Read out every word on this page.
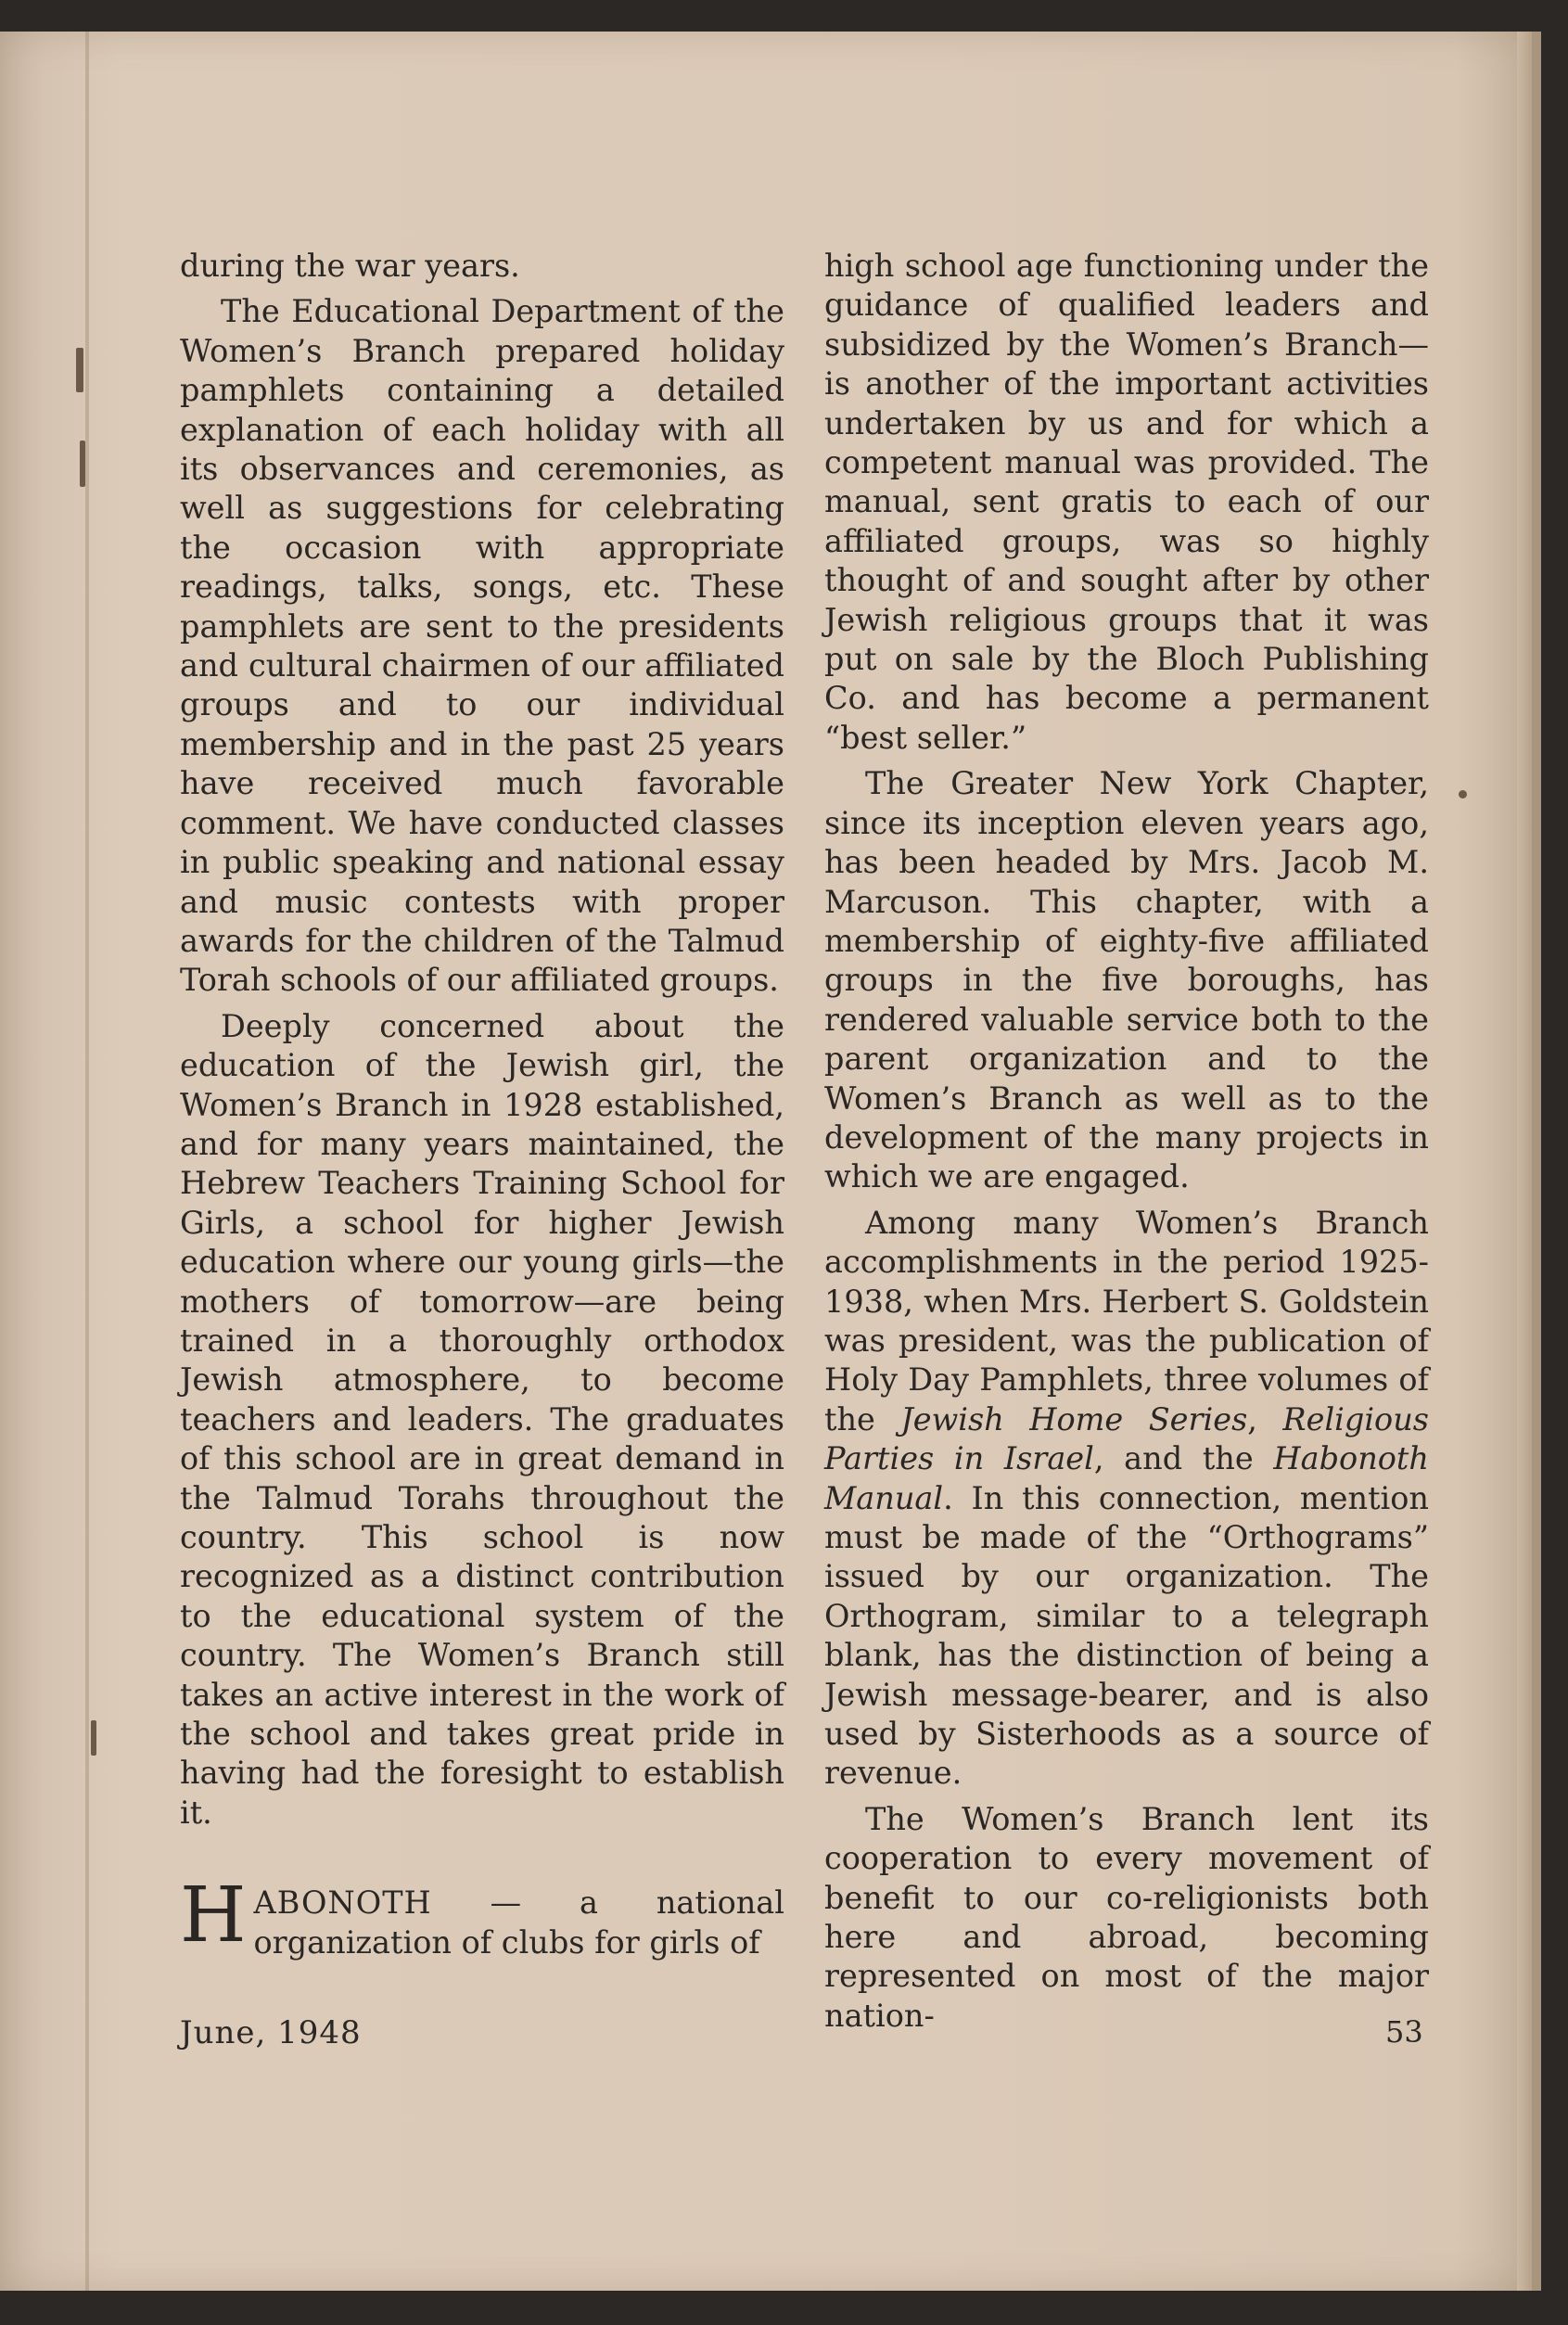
during the war years.

The Educational Department of the Women’s Branch prepared holiday pamphlets containing a detailed explanation of each holiday with all its observances and ceremonies, as well as suggestions for celebrating the occasion with appropriate readings, talks, songs, etc. These pamphlets are sent to the presidents and cultural chairmen of our affiliated groups and to our individual membership and in the past 25 years have received much favorable comment. We have conducted classes in public speaking and national essay and music contests with proper awards for the children of the Talmud Torah schools of our affiliated groups.

Deeply concerned about the education of the Jewish girl, the Women’s Branch in 1928 established, and for many years maintained, the Hebrew Teachers Training School for Girls, a school for higher Jewish education where our young girls—the mothers of tomorrow—are being trained in a thoroughly orthodox Jewish atmosphere, to become teachers and leaders. The graduates of this school are in great demand in the Talmud Torahs throughout the country. This school is now recognized as a distinct contribution to the educational system of the country. The Women’s Branch still takes an active interest in the work of the school and takes great pride in having had the foresight to establish it.

HABONOTH — a national organization of clubs for girls of

high school age functioning under the guidance of qualified leaders and subsidized by the Women’s Branch—is another of the important activities undertaken by us and for which a competent manual was provided. The manual, sent gratis to each of our affiliated groups, was so highly thought of and sought after by other Jewish religious groups that it was put on sale by the Bloch Publishing Co. and has become a permanent “best seller.”

The Greater New York Chapter, since its inception eleven years ago, has been headed by Mrs. Jacob M. Marcuson. This chapter, with a membership of eighty-five affiliated groups in the five boroughs, has rendered valuable service both to the parent organization and to the Women’s Branch as well as to the development of the many projects in which we are engaged.

Among many Women’s Branch accomplishments in the period 1925-1938, when Mrs. Herbert S. Goldstein was president, was the publication of Holy Day Pamphlets, three volumes of the Jewish Home Series, Religious Parties in Israel, and the Habonoth Manual. In this connection, mention must be made of the “Orthograms” issued by our organization. The Orthogram, similar to a telegraph blank, has the distinction of being a Jewish message-bearer, and is also used by Sisterhoods as a source of revenue.

The Women’s Branch lent its cooperation to every movement of benefit to our co-religionists both here and abroad, becoming represented on most of the major nation-

June, 1948	53
